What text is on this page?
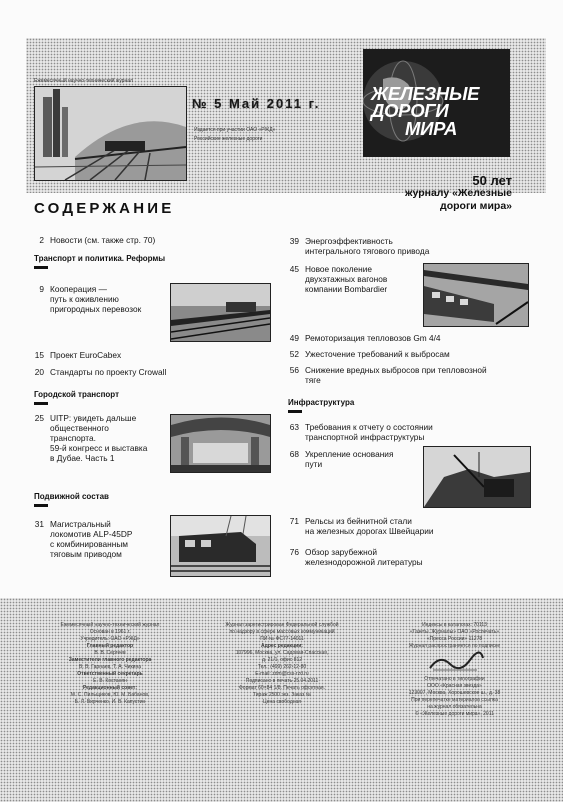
Ежемесячный научно-технический журнал
№ 5 Май 2011 г.
Издается при участии ОАО «РЖД»
Российские железные дороги
ЖЕЛЕЗНЫЕ
ДОРОГИ
МИРА
50 лет
журналу «Железные
дороги мира»
СОДЕРЖАНИЕ
2 Новости (см. также стр. 70)
Транспорт и политика. Реформы
9 Кооперация —
путь к оживлению
пригородных перевозок
15 Проект EuroCabex
20 Стандарты по проекту Crowall
Городской транспорт
25 UITP: увидеть дальше
общественного
транспорта.
59-й конгресс и выставка
в Дубае. Часть 1
Подвижной состав
31 Магистральный
локомотив ALP-45DP
с комбинированным
тяговым приводом
39 Энергоэффективность
интегрального тягового привода
45 Новое поколение
двухэтажных вагонов
компании Bombardier
49 Ремоторизация тепловозов Gm 4/4
52 Ужесточение требований к выбросам
56 Снижение вредных выбросов при тепловозной
тяге
Инфраструктура
63 Требования к отчету о состоянии
транспортной инфраструктуры
68 Укрепление основания
пути
71 Рельсы из бейнитной стали
на железных дорогах Швейцарии
76 Обзор зарубежной
железнодорожной литературы
Ежемесячный научно-технический журнал
Основан в 1961 г.
Учредитель: ОАО «РЖД»
Главный редактор
В. В. Сергеев
Заместители главного редактора
В. В. Гарнаев, Т. А. Чикина
Ответственный секретарь
Е. В. Костанян
Редакционный совет:
М. С. Пильщиков, Ю. М. Бабанов,
Б. Л. Вирченко, И. В. Капустин
Журнал зарегистрирован Федеральной службой
по надзору в сфере массовых коммуникаций
ПИ № ФС77-14011
Адрес редакции:
107996, Москва, ул. Садовая-Спасская,
д. 21/1, офис 812
Тел.: (499) 262-12-80
E-mail: zdm@css-rzd.ru
Подписано в печать 25.04.2011
Формат 60×84 1/8. Печать офсетная.
Тираж 2500 экз. Заказ №
Цена свободная
Индексы в каталогах: 70113
«Газеты. Журналы» ОАО «Роспечать»
«Пресса России» 11278
Журнал распространяется по подписке
Отпечатано в типографии
ООО «Красная звезда»
123007, Москва, Хорошевское ш., д. 38
При перепечатке материалов ссылка
на журнал обязательна
© «Железные дороги мира», 2011
